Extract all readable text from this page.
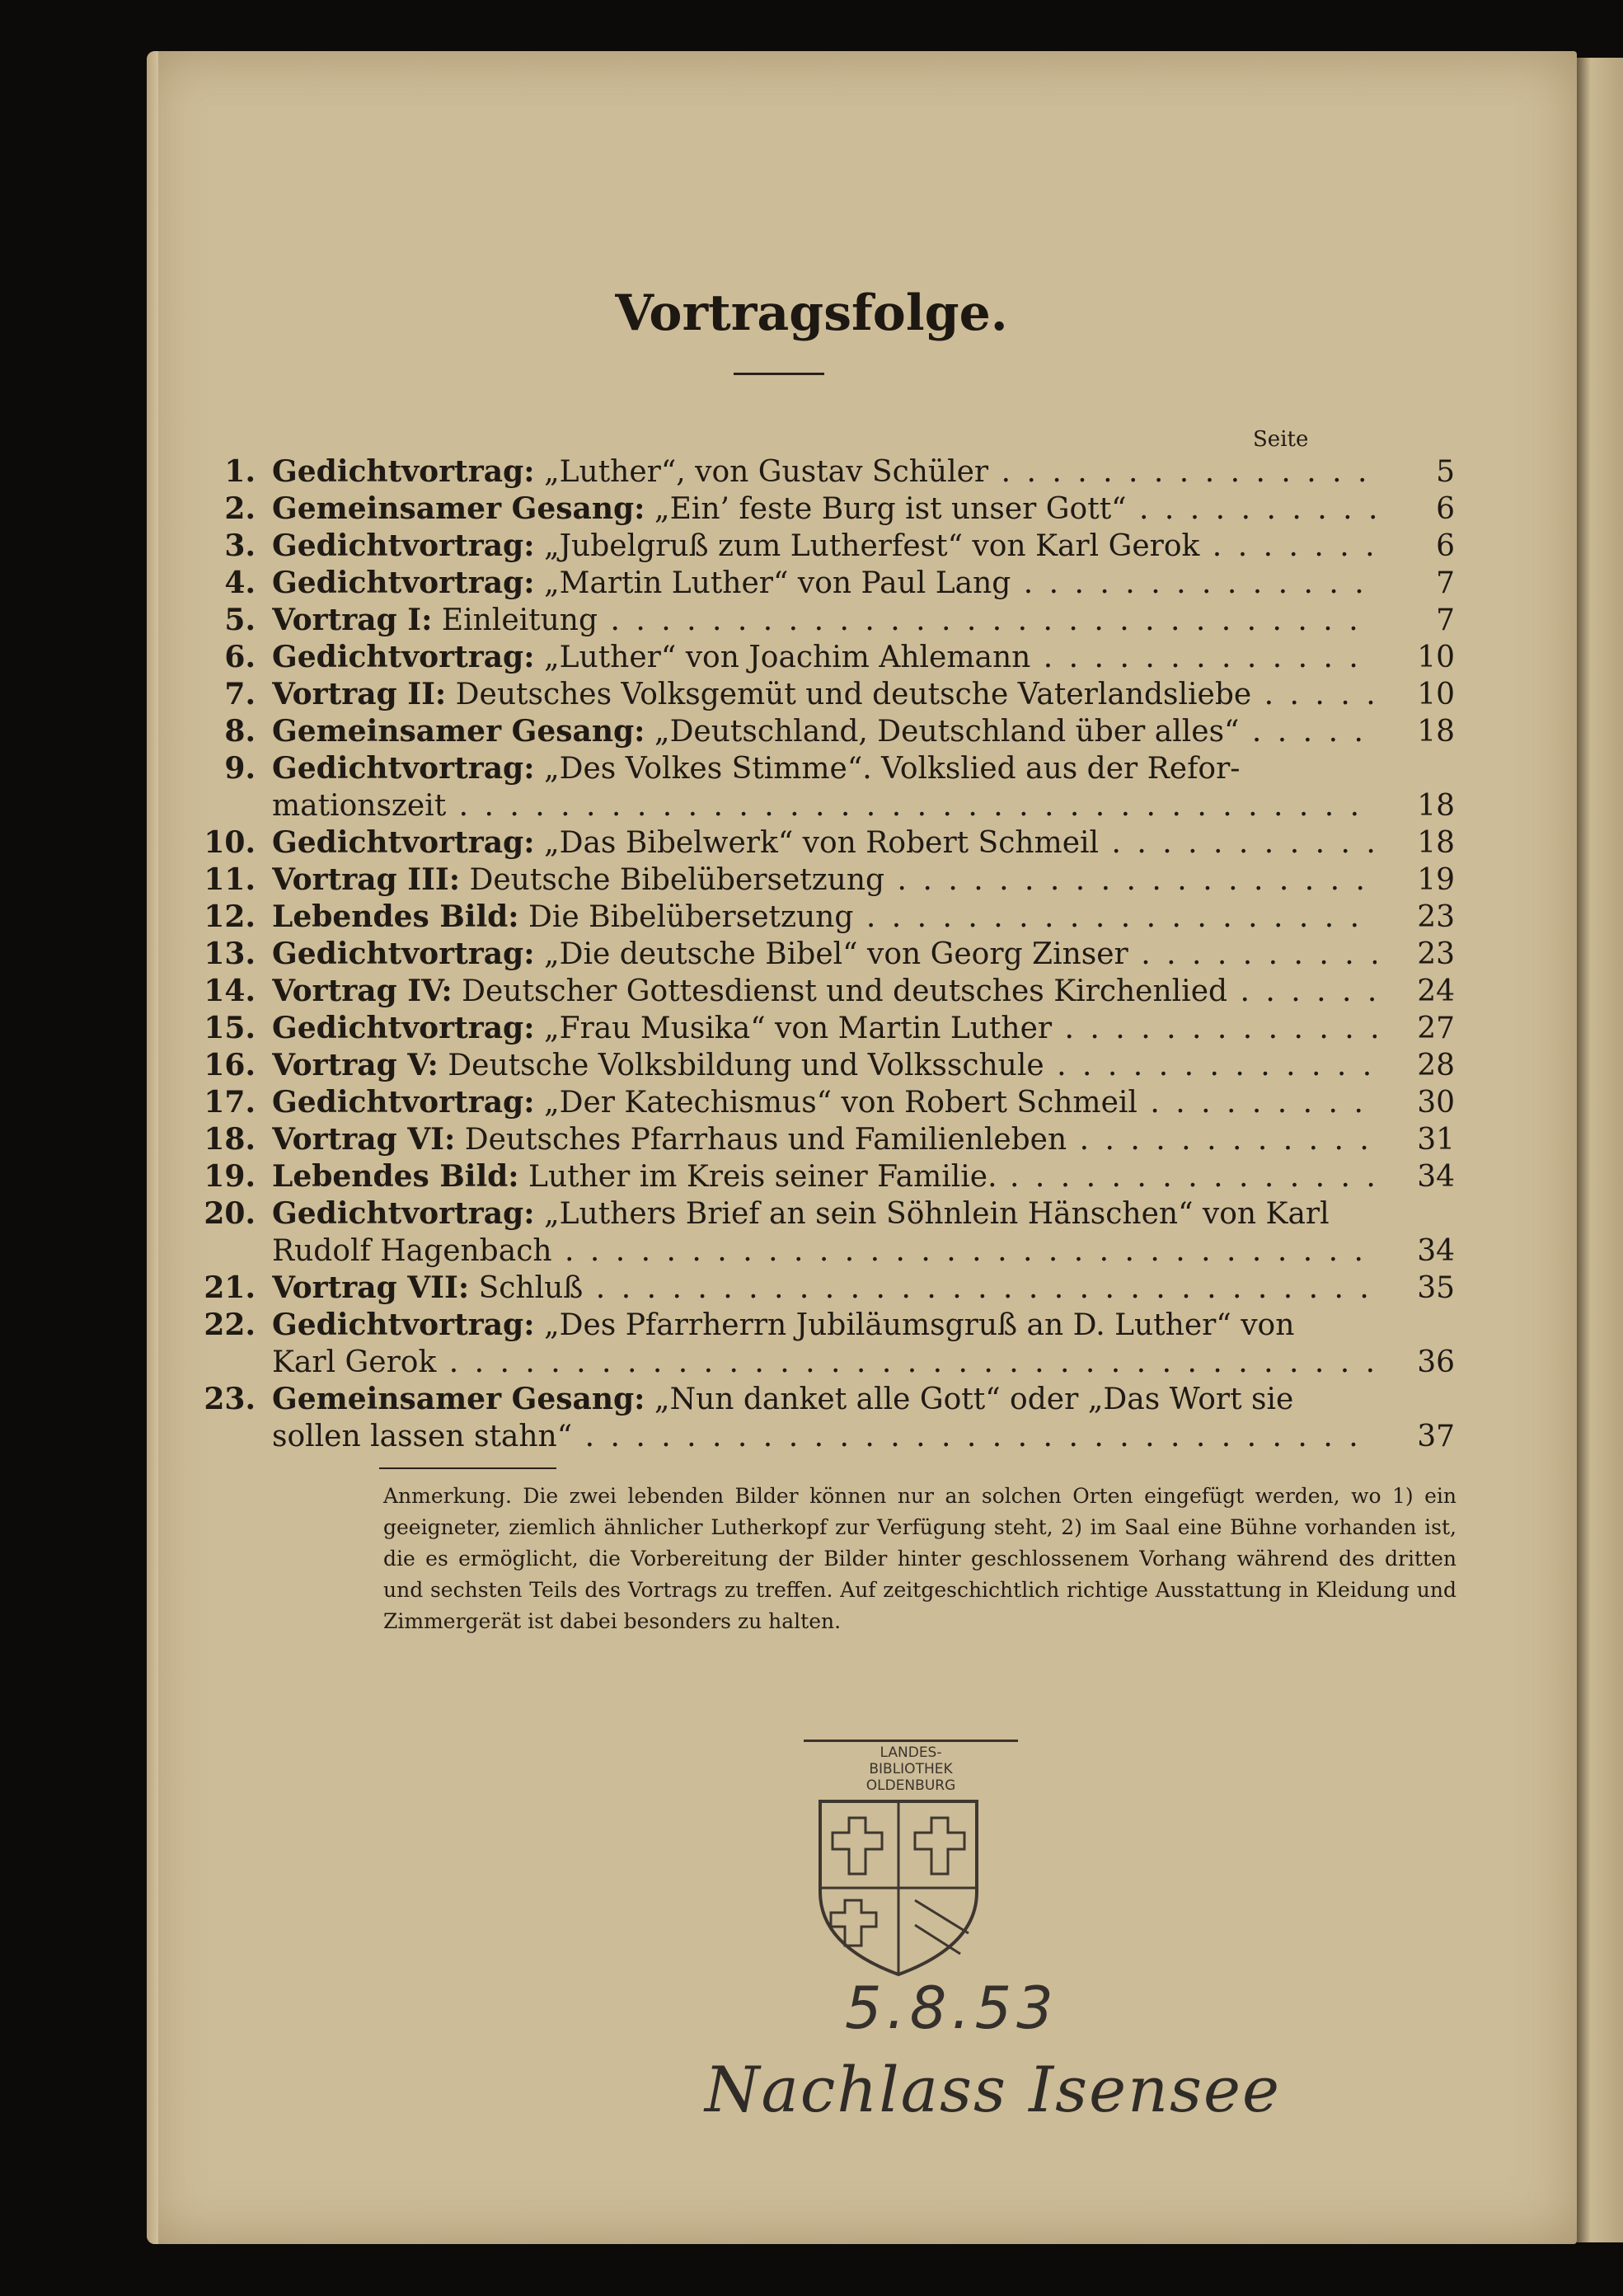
Vortragsfolge.
Seite
1. Gedichtvortrag: „Luther“, von Gustav Schüler . . .	5
2. Gemeinsamer Gesang: „Ein’ feste Burg ist unser Gott“ . . .	6
3. Gedichtvortrag: „Jubelgruß zum Lutherfest“ von Karl Gerok . . .	6
4. Gedichtvortrag: „Martin Luther“ von Paul Lang . . .	7
5. Vortrag I: Einleitung . . .	7
6. Gedichtvortrag: „Luther“ von Joachim Ahlemann . . .	10
7. Vortrag II: Deutsches Volksgemüt und deutsche Vaterlandsliebe . . .	10
8. Gemeinsamer Gesang: „Deutschland, Deutschland über alles“ . . .	18
9. Gedichtvortrag: „Des Volkes Stimme“. Volkslied aus der Refor-
mationszeit . . .	18
10. Gedichtvortrag: „Das Bibelwerk“ von Robert Schmeil . . .	18
11. Vortrag III: Deutsche Bibelübersetzung . . .	19
12. Lebendes Bild: Die Bibelübersetzung . . .	23
13. Gedichtvortrag: „Die deutsche Bibel“ von Georg Zinser . . .	23
14. Vortrag IV: Deutscher Gottesdienst und deutsches Kirchenlied . . .	24
15. Gedichtvortrag: „Frau Musika“ von Martin Luther . . .	27
16. Vortrag V: Deutsche Volksbildung und Volksschule . . .	28
17. Gedichtvortrag: „Der Katechismus“ von Robert Schmeil . . .	30
18. Vortrag VI: Deutsches Pfarrhaus und Familienleben . . .	31
19. Lebendes Bild: Luther im Kreis seiner Familie. . . .	34
20. Gedichtvortrag: „Luthers Brief an sein Söhnlein Hänschen“ von Karl
Rudolf Hagenbach . . .	34
21. Vortrag VII: Schluß . . .	35
22. Gedichtvortrag: „Des Pfarrherrn Jubiläumsgruß an D. Luther“ von
Karl Gerok . . .	36
23. Gemeinsamer Gesang: „Nun danket alle Gott“ oder „Das Wort sie
sollen lassen stahn“ . . .	37
Anmerkung. Die zwei lebenden Bilder können nur an solchen Orten eingefügt werden, wo 1) ein geeigneter, ziemlich ähnlicher Lutherkopf zur Verfügung steht, 2) im Saal eine Bühne vorhanden ist, die es ermöglicht, die Vorbereitung der Bilder hinter geschlossenem Vorhang während des dritten und sechsten Teils des Vortrags zu treffen. Auf zeitgeschichtlich richtige Ausstattung in Kleidung und Zimmergerät ist dabei besonders zu halten.
LANDES-
BIBLIOTHEK
OLDENBURG
5.8.53
Nachlass Isensee
